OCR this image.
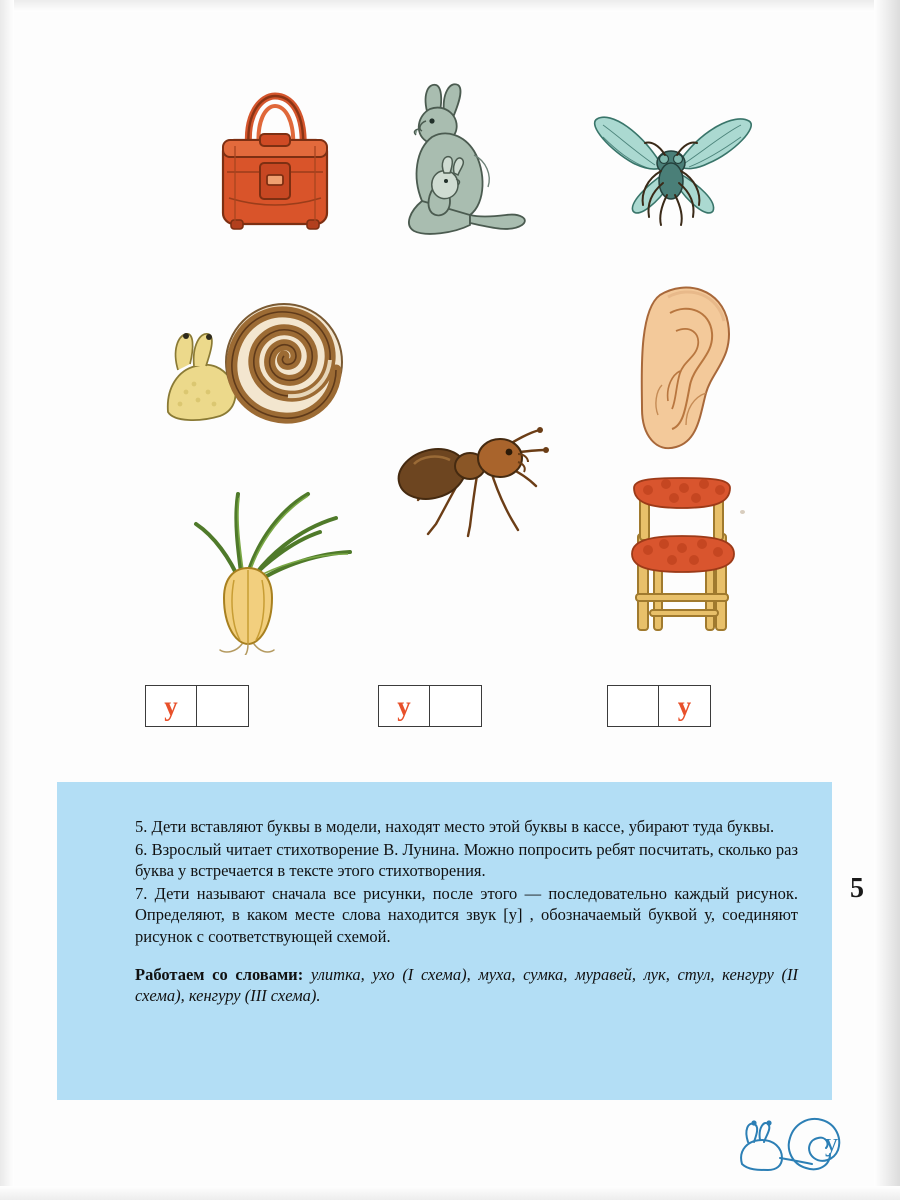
у	у	у

5. Дети вставляют буквы в модели, находят место этой буквы в кассе, убирают туда буквы.

6. Взрослый читает стихотворение В. Лунина. Можно попросить ребят посчитать, сколько раз буква у встречается в тексте этого стихотворения.

7. Дети называют сначала все рисунки, после этого — последовательно каждый рисунок. Определяют, в каком месте слова находится звук [у] , обозначаемый буквой у, соединяют рисунок с соответствующей схемой.

Работаем со словами: улитка, ухо (I схема), муха, сумка, муравей, лук, стул, кенгуру (II схема), кенгуру (III схема).

5
у
